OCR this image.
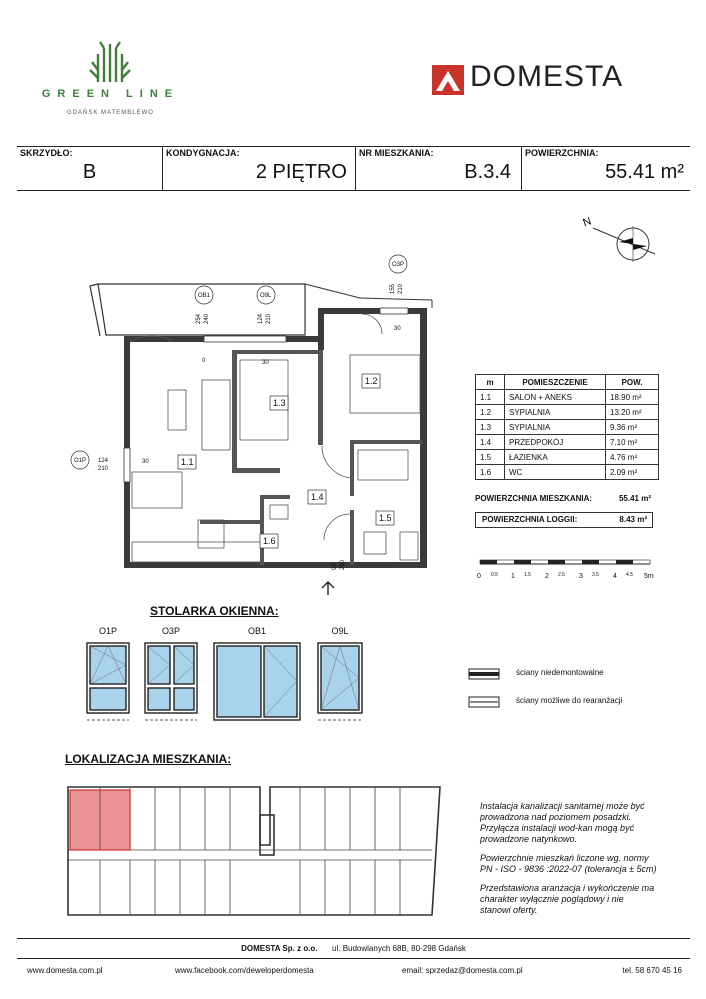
GREEN LINE
GDAŃSK MATEMBLEWO
DOMESTA
SKRZYDŁO:
B
KONDYGNACJA:
2 PIĘTRO
NR MIESZKANIA:
B.3.4
POWIERZCHNIA:
55.41 m²
N
1.1
1.2
1.3
1.4
1.5
1.6
OB1	O9L
O3P
O1P
254 240	124 210
155 210
124
210
90 200
0	30
30
30
m	POMIESZCZENIE	POW.
1.1	SALON + ANEKS	18.90 m²
1.2	SYPIALNIA	13.20 m²
1.3	SYPIALNIA	9.36 m²
1.4	PRZEDPOKÓJ	7.10 m²
1.5	ŁAZIENKA	4.76 m²
1.6	WC	2.09 m²
POWIERZCHNIA MIESZKANIA:	55.41 m²
POWIERZCHNIA LOGGII:	8.43 m²
0 0.5 1 1.5 2 2.5 3 3.5 4 4.5 5m
STOLARKA OKIENNA:
O1P	O3P	OB1	O9L
ściany niedemontowalne
ściany możliwe do rearanżacji
LOKALIZACJA MIESZKANIA:
Instalacja kanalizacji sanitarnej może być
prowadzona nad poziomem posadzki.
Przyłącza instalacji wod-kan mogą być
prowadzone natynkowo.
Powierzchnie mieszkań liczone wg. normy
PN - ISO - 9836 :2022-07 (tolerancja ± 5cm)
Przedstawiona aranżacja i wykończenie ma
charakter wyłącznie poglądowy i nie
stanowi oferty.
DOMESTA Sp. z o.o. ul. Budowlanych 68B, 80-298 Gdańsk
www.domesta.com.pl	www.facebook.com/deweloperdomesta	email: sprzedaz@domesta.com.pl	tel. 58 670 45 16
